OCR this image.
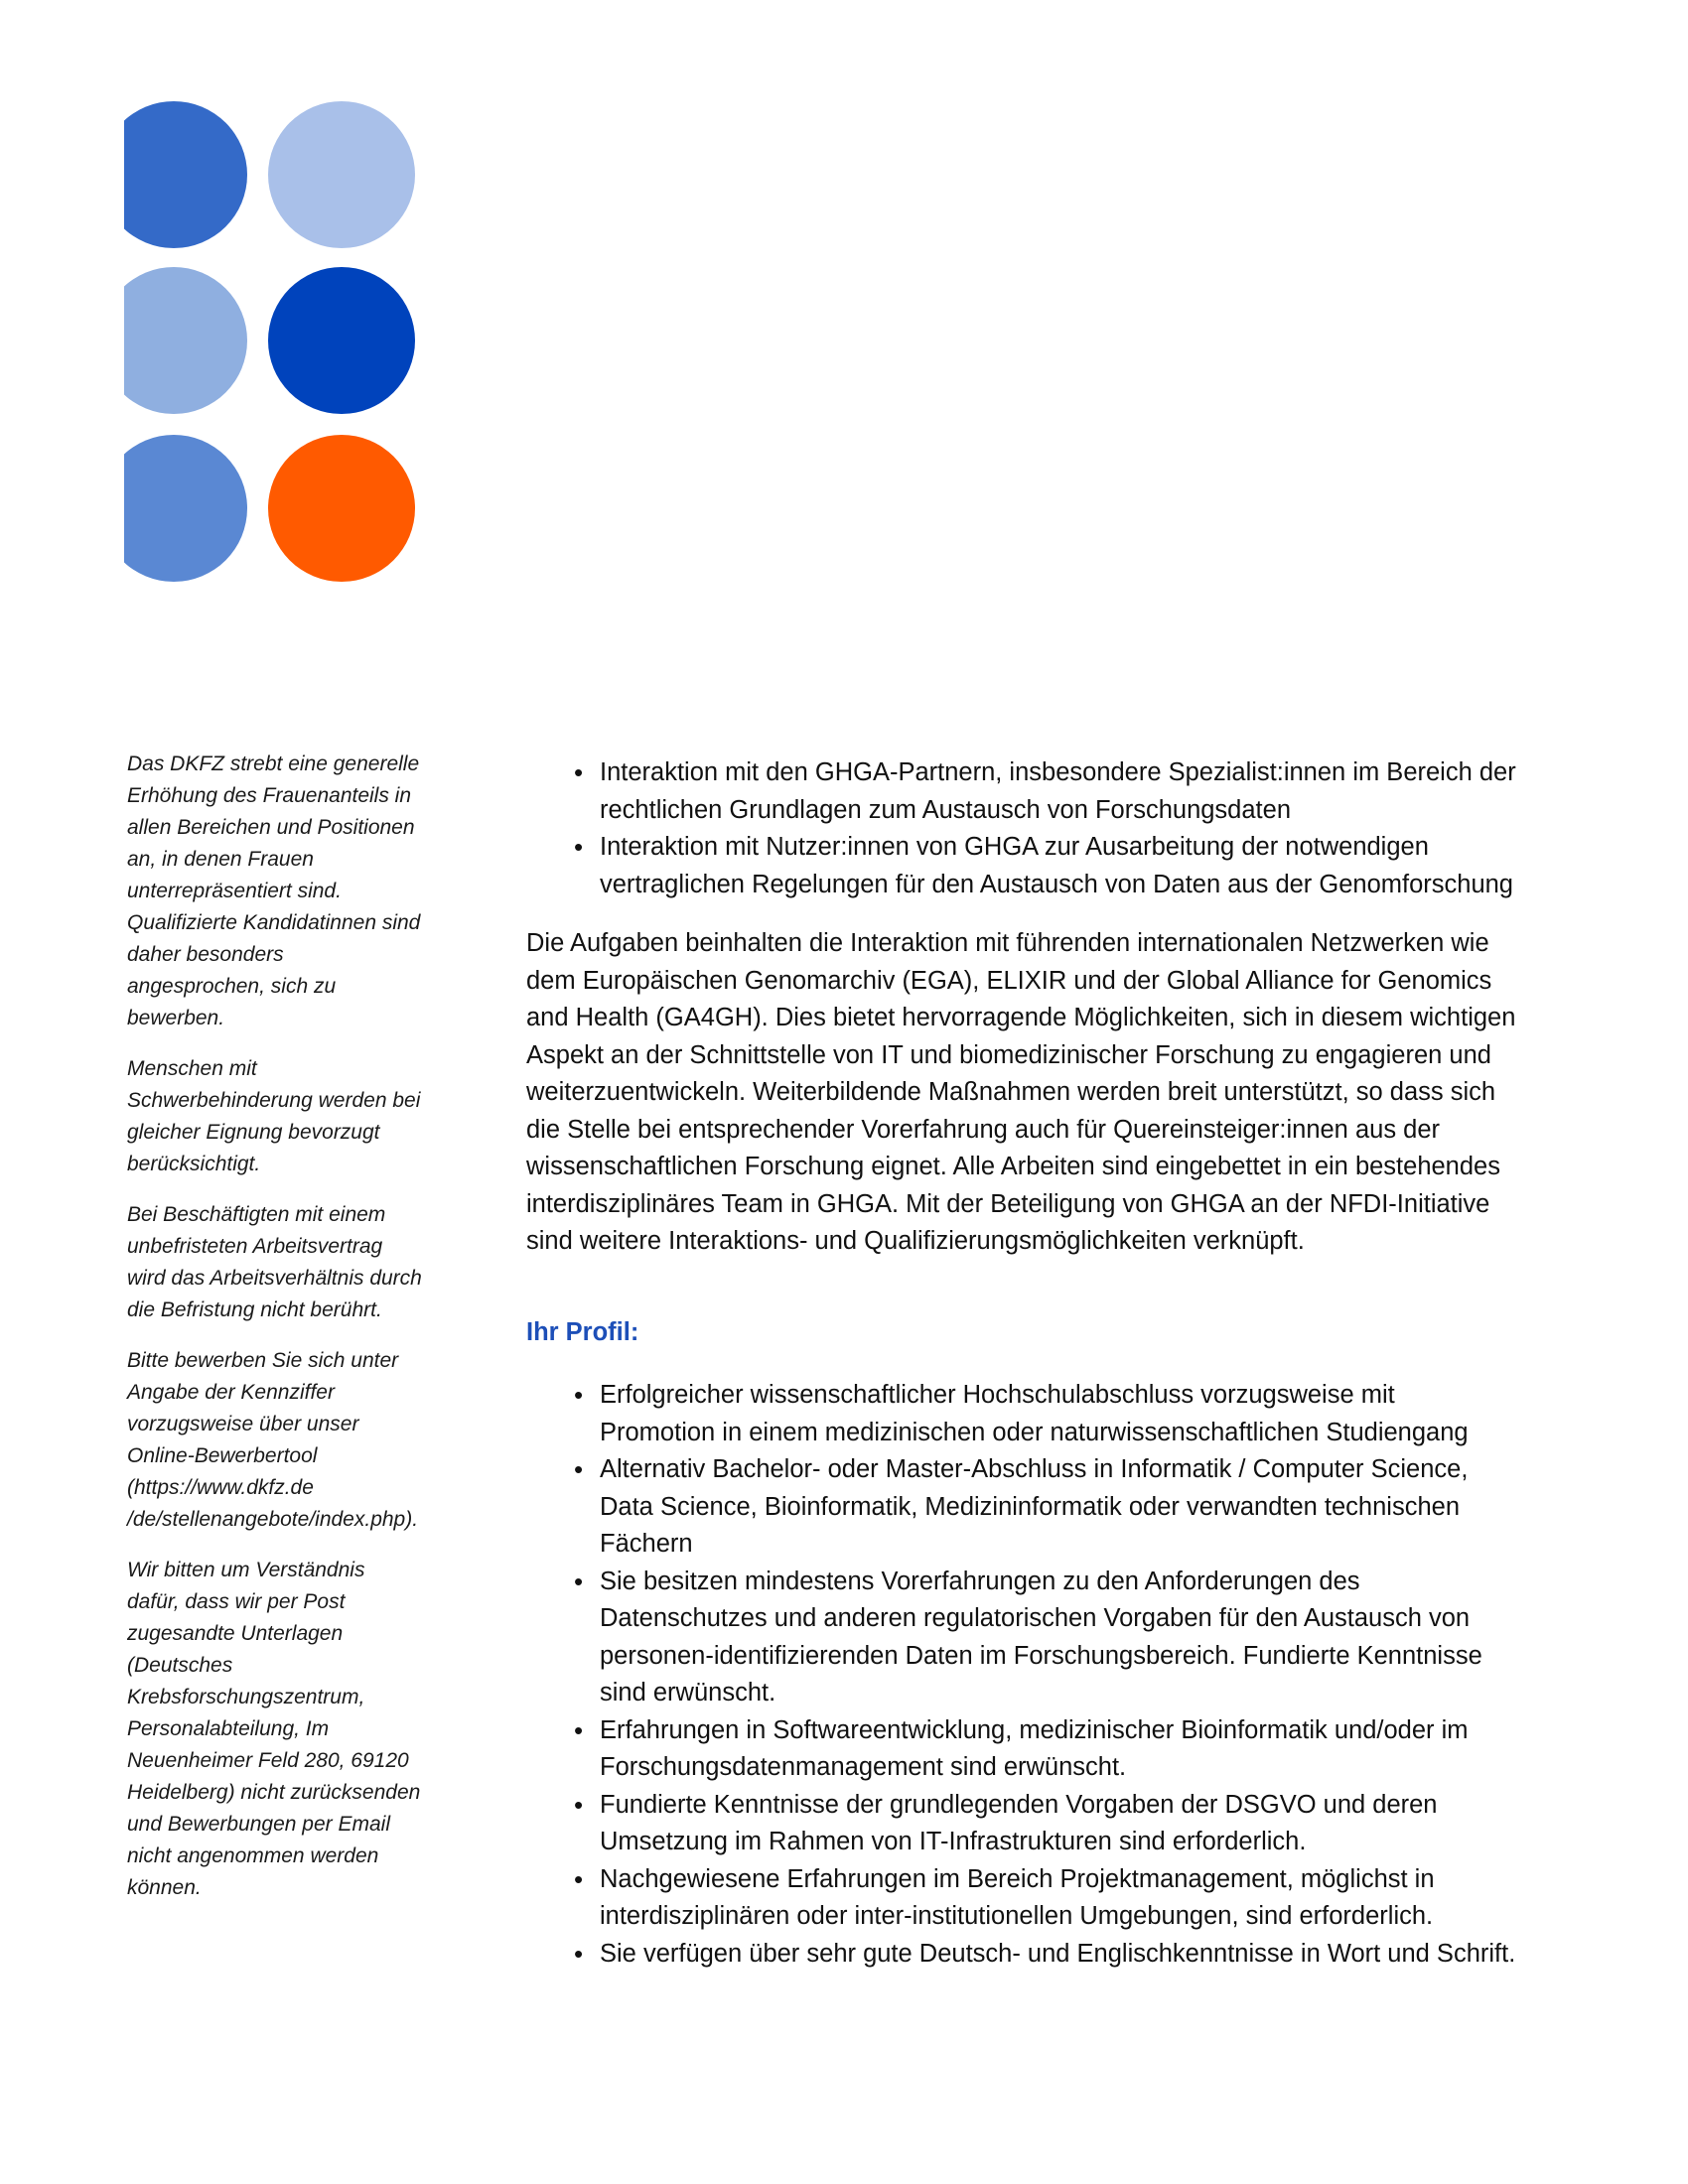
Das DKFZ strebt eine generelle
Erhöhung des Frauenanteils in
allen Bereichen und Positionen
an, in denen Frauen
unterrepräsentiert sind.
Qualifizierte Kandidatinnen sind
daher besonders
angesprochen, sich zu
bewerben.

Menschen mit
Schwerbehinderung werden bei
gleicher Eignung bevorzugt
berücksichtigt.

Bei Beschäftigten mit einem
unbefristeten Arbeitsvertrag
wird das Arbeitsverhältnis durch
die Befristung nicht berührt.

Bitte bewerben Sie sich unter
Angabe der Kennziffer
vorzugsweise über unser
Online-Bewerbertool
(https://www.dkfz.de
/de/stellenangebote/index.php).

Wir bitten um Verständnis
dafür, dass wir per Post
zugesandte Unterlagen
(Deutsches
Krebsforschungszentrum,
Personalabteilung, Im
Neuenheimer Feld 280, 69120
Heidelberg) nicht zurücksenden
und Bewerbungen per Email
nicht angenommen werden
können.

• Interaktion mit den GHGA-Partnern, insbesondere Spezialist:innen im Bereich der
rechtlichen Grundlagen zum Austausch von Forschungsdaten
• Interaktion mit Nutzer:innen von GHGA zur Ausarbeitung der notwendigen
vertraglichen Regelungen für den Austausch von Daten aus der Genomforschung

Die Aufgaben beinhalten die Interaktion mit führenden internationalen Netzwerken wie
dem Europäischen Genomarchiv (EGA), ELIXIR und der Global Alliance for Genomics
and Health (GA4GH). Dies bietet hervorragende Möglichkeiten, sich in diesem wichtigen
Aspekt an der Schnittstelle von IT und biomedizinischer Forschung zu engagieren und
weiterzuentwickeln. Weiterbildende Maßnahmen werden breit unterstützt, so dass sich
die Stelle bei entsprechender Vorerfahrung auch für Quereinsteiger:innen aus der
wissenschaftlichen Forschung eignet. Alle Arbeiten sind eingebettet in ein bestehendes
interdisziplinäres Team in GHGA. Mit der Beteiligung von GHGA an der NFDI-Initiative
sind weitere Interaktions- und Qualifizierungsmöglichkeiten verknüpft.

Ihr Profil:
• Erfolgreicher wissenschaftlicher Hochschulabschluss vorzugsweise mit
Promotion in einem medizinischen oder naturwissenschaftlichen Studiengang
• Alternativ Bachelor- oder Master-Abschluss in Informatik / Computer Science,
Data Science, Bioinformatik, Medizininformatik oder verwandten technischen
Fächern
• Sie besitzen mindestens Vorerfahrungen zu den Anforderungen des
Datenschutzes und anderen regulatorischen Vorgaben für den Austausch von
personen-identifizierenden Daten im Forschungsbereich. Fundierte Kenntnisse
sind erwünscht.
• Erfahrungen in Softwareentwicklung, medizinischer Bioinformatik und/oder im
Forschungsdatenmanagement sind erwünscht.
• Fundierte Kenntnisse der grundlegenden Vorgaben der DSGVO und deren
Umsetzung im Rahmen von IT-Infrastrukturen sind erforderlich.
• Nachgewiesene Erfahrungen im Bereich Projektmanagement, möglichst in
interdisziplinären oder inter-institutionellen Umgebungen, sind erforderlich.
• Sie verfügen über sehr gute Deutsch- und Englischkenntnisse in Wort und Schrift.
